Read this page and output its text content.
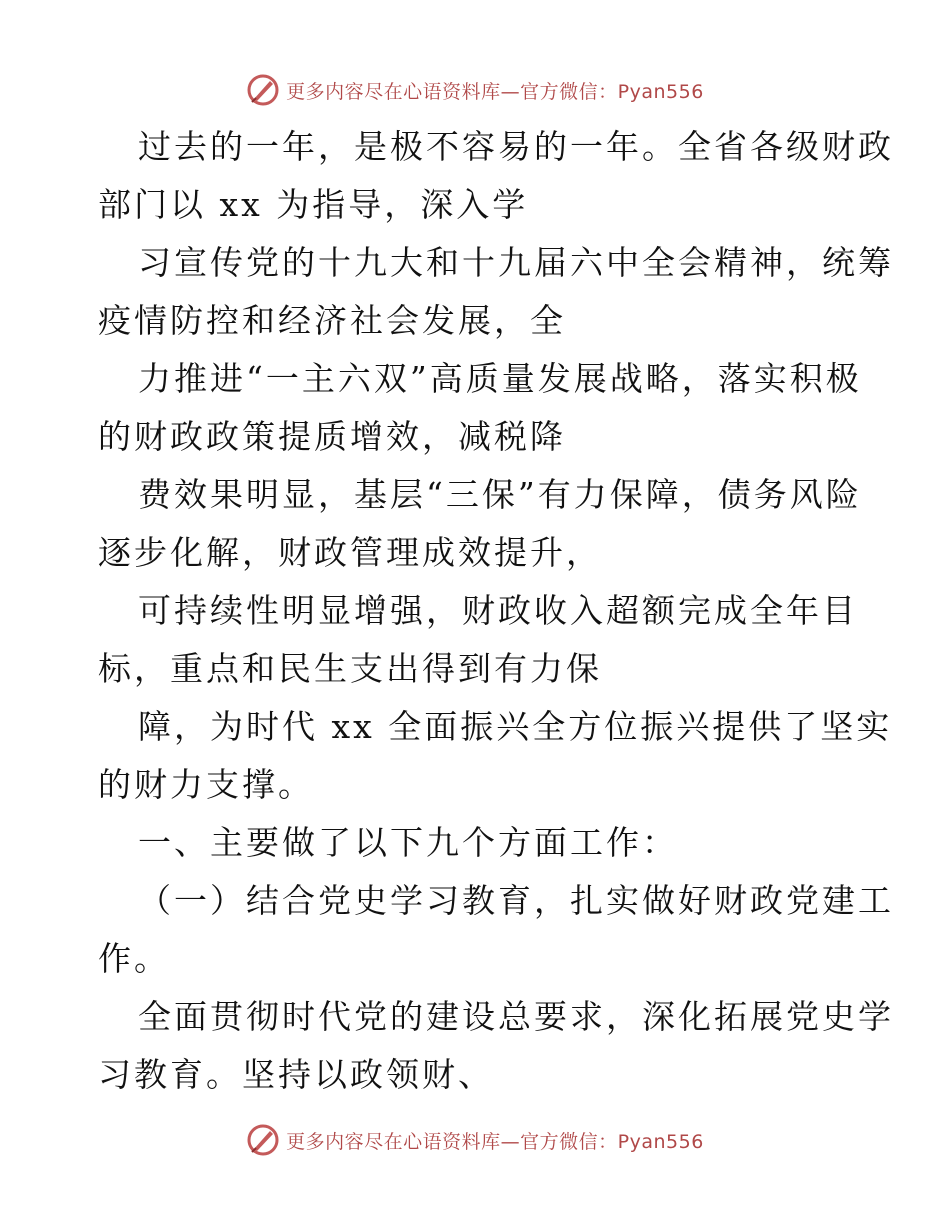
更多内容尽在心语资料库—官方微信：Pyan556

过去的一年，是极不容易的一年。全省各级财政
部门以 xx 为指导，深入学

习宣传党的十九大和十九届六中全会精神，统筹
疫情防控和经济社会发展，全

力推进“一主六双”高质量发展战略，落实积极
的财政政策提质增效，减税降

费效果明显，基层“三保”有力保障，债务风险
逐步化解，财政管理成效提升，

可持续性明显增强，财政收入超额完成全年目
标，重点和民生支出得到有力保

障，为时代 xx 全面振兴全方位振兴提供了坚实
的财力支撑。

一、主要做了以下九个方面工作：

（一）结合党史学习教育，扎实做好财政党建工
作。

全面贯彻时代党的建设总要求，深化拓展党史学
习教育。坚持以政领财、

更多内容尽在心语资料库—官方微信：Pyan556
